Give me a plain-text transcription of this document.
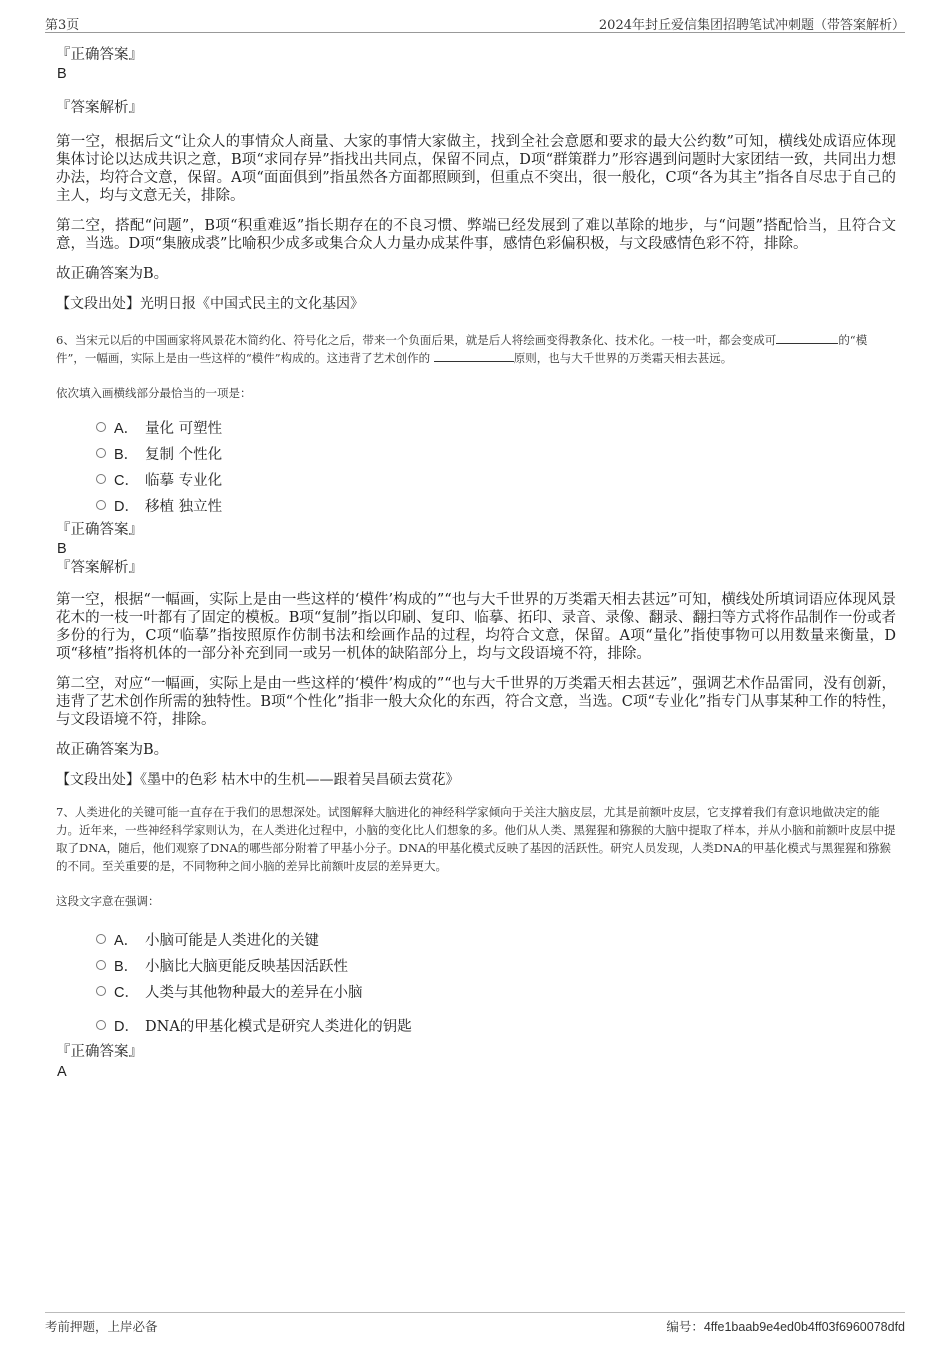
第3页	2024年封丘爱信集团招聘笔试冲刺题（带答案解析）

『正确答案』

B

『答案解析』

第一空，根据后文“让众人的事情众人商量、大家的事情大家做主，找到全社会意愿和要求的最大公约数”可知，横线处成语应体现集体讨论以达成共识之意，B项“求同存异”指找出共同点，保留不同点，D项“群策群力”形容遇到问题时大家团结一致，共同出力想办法，均符合文意，保留。A项“面面俱到”指虽然各方面都照顾到，但重点不突出，很一般化，C项“各为其主”指各自尽忠于自己的主人，均与文意无关，排除。

第二空，搭配“问题”，B项“积重难返”指长期存在的不良习惯、弊端已经发展到了难以革除的地步，与“问题”搭配恰当，且符合文意，当选。D项“集腋成裘”比喻积少成多或集合众人力量办成某件事，感情色彩偏积极，与文段感情色彩不符，排除。

故正确答案为B。

【文段出处】光明日报《中国式民主的文化基因》

6、当宋元以后的中国画家将风景花木简约化、符号化之后，带来一个负面后果，就是后人将绘画变得教条化、技术化。一枝一叶，都会变成可	的“模件”，一幅画，实际上是由一些这样的“模件”构成的。这违背了艺术创作的	原则，也与大千世界的万类霜天相去甚远。

依次填入画横线部分最恰当的一项是：

A． 量化 可塑性
B． 复制 个性化
C． 临摹 专业化
D． 移植 独立性

『正确答案』

B

『答案解析』

第一空，根据“一幅画，实际上是由一些这样的‘模件’构成的”“也与大千世界的万类霜天相去甚远”可知，横线处所填词语应体现风景花木的一枝一叶都有了固定的模板。B项“复制”指以印刷、复印、临摹、拓印、录音、录像、翻录、翻扫等方式将作品制作一份或者多份的行为，C项“临摹”指按照原作仿制书法和绘画作品的过程，均符合文意，保留。A项“量化”指使事物可以用数量来衡量，D项“移植”指将机体的一部分补充到同一或另一机体的缺陷部分上，均与文段语境不符，排除。

第二空，对应“一幅画，实际上是由一些这样的‘模件’构成的”“也与大千世界的万类霜天相去甚远”，强调艺术作品雷同，没有创新，违背了艺术创作所需的独特性。B项“个性化”指非一般大众化的东西，符合文意，当选。C项“专业化”指专门从事某种工作的特性，与文段语境不符，排除。

故正确答案为B。

【文段出处】《墨中的色彩 枯木中的生机——跟着吴昌硕去赏花》

7、人类进化的关键可能一直存在于我们的思想深处。试图解释大脑进化的神经科学家倾向于关注大脑皮层，尤其是前额叶皮层，它支撑着我们有意识地做决定的能力。近年来，一些神经科学家则认为，在人类进化过程中，小脑的变化比人们想象的多。他们从人类、黑猩猩和猕猴的大脑中提取了样本，并从小脑和前额叶皮层中提取了DNA，随后，他们观察了DNA的哪些部分附着了甲基小分子。DNA的甲基化模式反映了基因的活跃性。研究人员发现，人类DNA的甲基化模式与黑猩猩和猕猴的不同。至关重要的是，不同物种之间小脑的差异比前额叶皮层的差异更大。

这段文字意在强调：

A． 小脑可能是人类进化的关键
B． 小脑比大脑更能反映基因活跃性
C． 人类与其他物种最大的差异在小脑
D． DNA的甲基化模式是研究人类进化的钥匙

『正确答案』

A

考前押题，上岸必备	编号：4ffe1baab9e4ed0b4ff03f6960078dfd
